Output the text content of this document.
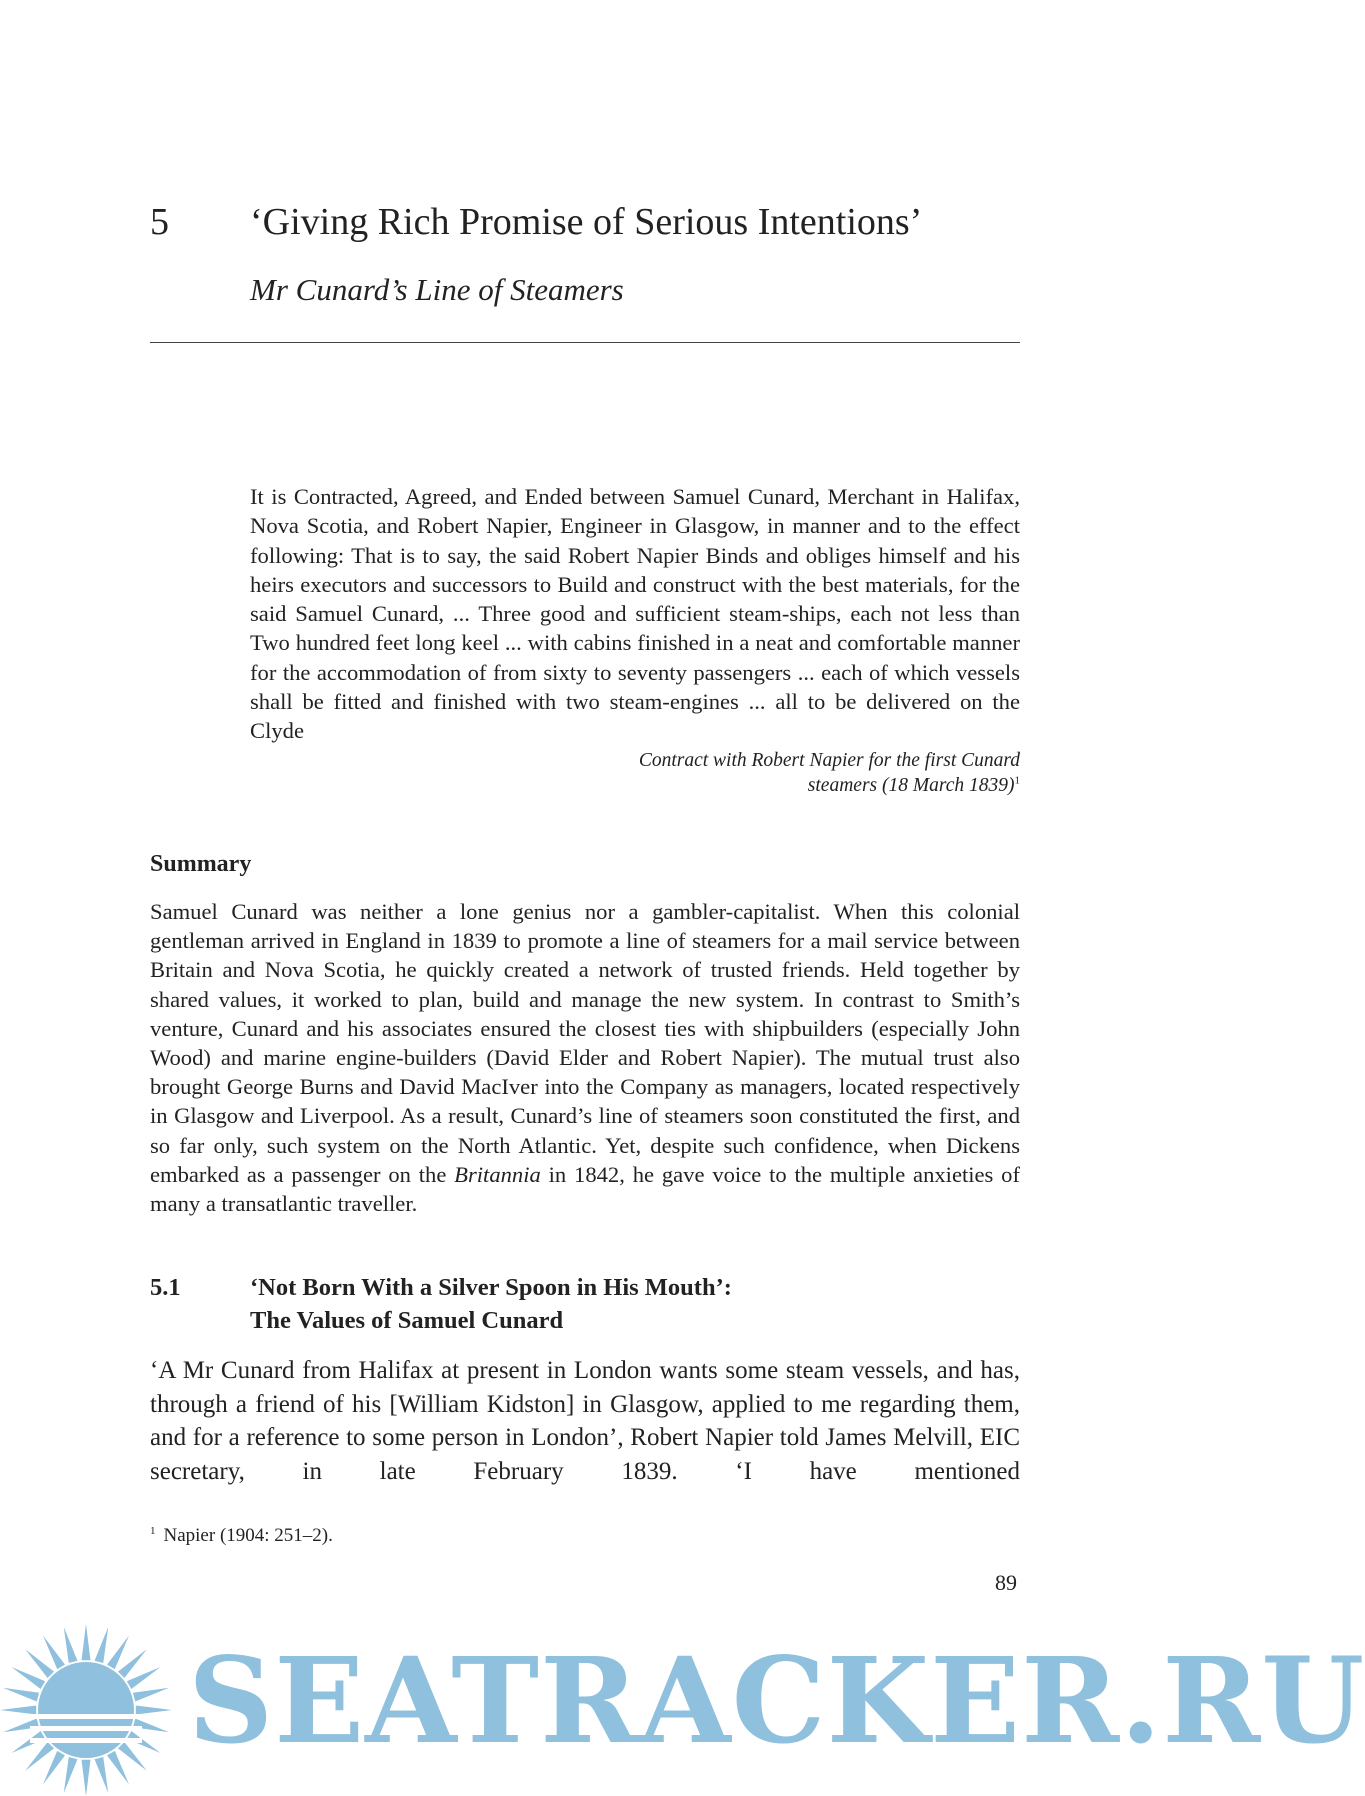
5 ‘Giving Rich Promise of Serious Intentions’
Mr Cunard’s Line of Steamers
It is Contracted, Agreed, and Ended between Samuel Cunard, Merchant in Halifax, Nova Scotia, and Robert Napier, Engineer in Glasgow, in manner and to the effect following: That is to say, the said Robert Napier Binds and obliges himself and his heirs executors and successors to Build and construct with the best materials, for the said Samuel Cunard, ... Three good and sufficient steam-ships, each not less than Two hundred feet long keel ... with cabins finished in a neat and comfortable manner for the accommodation of from sixty to seventy passengers ... each of which vessels shall be fitted and finished with two steam-engines ... all to be delivered on the Clyde
Contract with Robert Napier for the first Cunard
steamers (18 March 1839)$^1$
Summary
Samuel Cunard was neither a lone genius nor a gambler-capitalist. When this colonial gentleman arrived in England in 1839 to promote a line of steamers for a mail service between Britain and Nova Scotia, he quickly created a network of trusted friends. Held together by shared values, it worked to plan, build and manage the new system. In contrast to Smith’s venture, Cunard and his associates ensured the closest ties with shipbuilders (especially John Wood) and marine engine-builders (David Elder and Robert Napier). The mutual trust also brought George Burns and David MacIver into the Company as managers, located respectively in Glasgow and Liverpool. As a result, Cunard’s line of steamers soon constituted the first, and so far only, such system on the North Atlantic. Yet, despite such confidence, when Dickens embarked as a passenger on the Britannia in 1842, he gave voice to the multiple anxieties of many a transatlantic traveller.
5.1	‘Not Born With a Silver Spoon in His Mouth’:
The Values of Samuel Cunard
‘A Mr Cunard from Halifax at present in London wants some steam vessels, and has, through a friend of his [William Kidston] in Glasgow, applied to me regarding them, and for a reference to some person in London’, Robert Napier told James Melvill, EIC secretary, in late February 1839. ‘I have mentioned
$^1$ Napier (1904: 251–2).
89
SEATRACKER.RU
